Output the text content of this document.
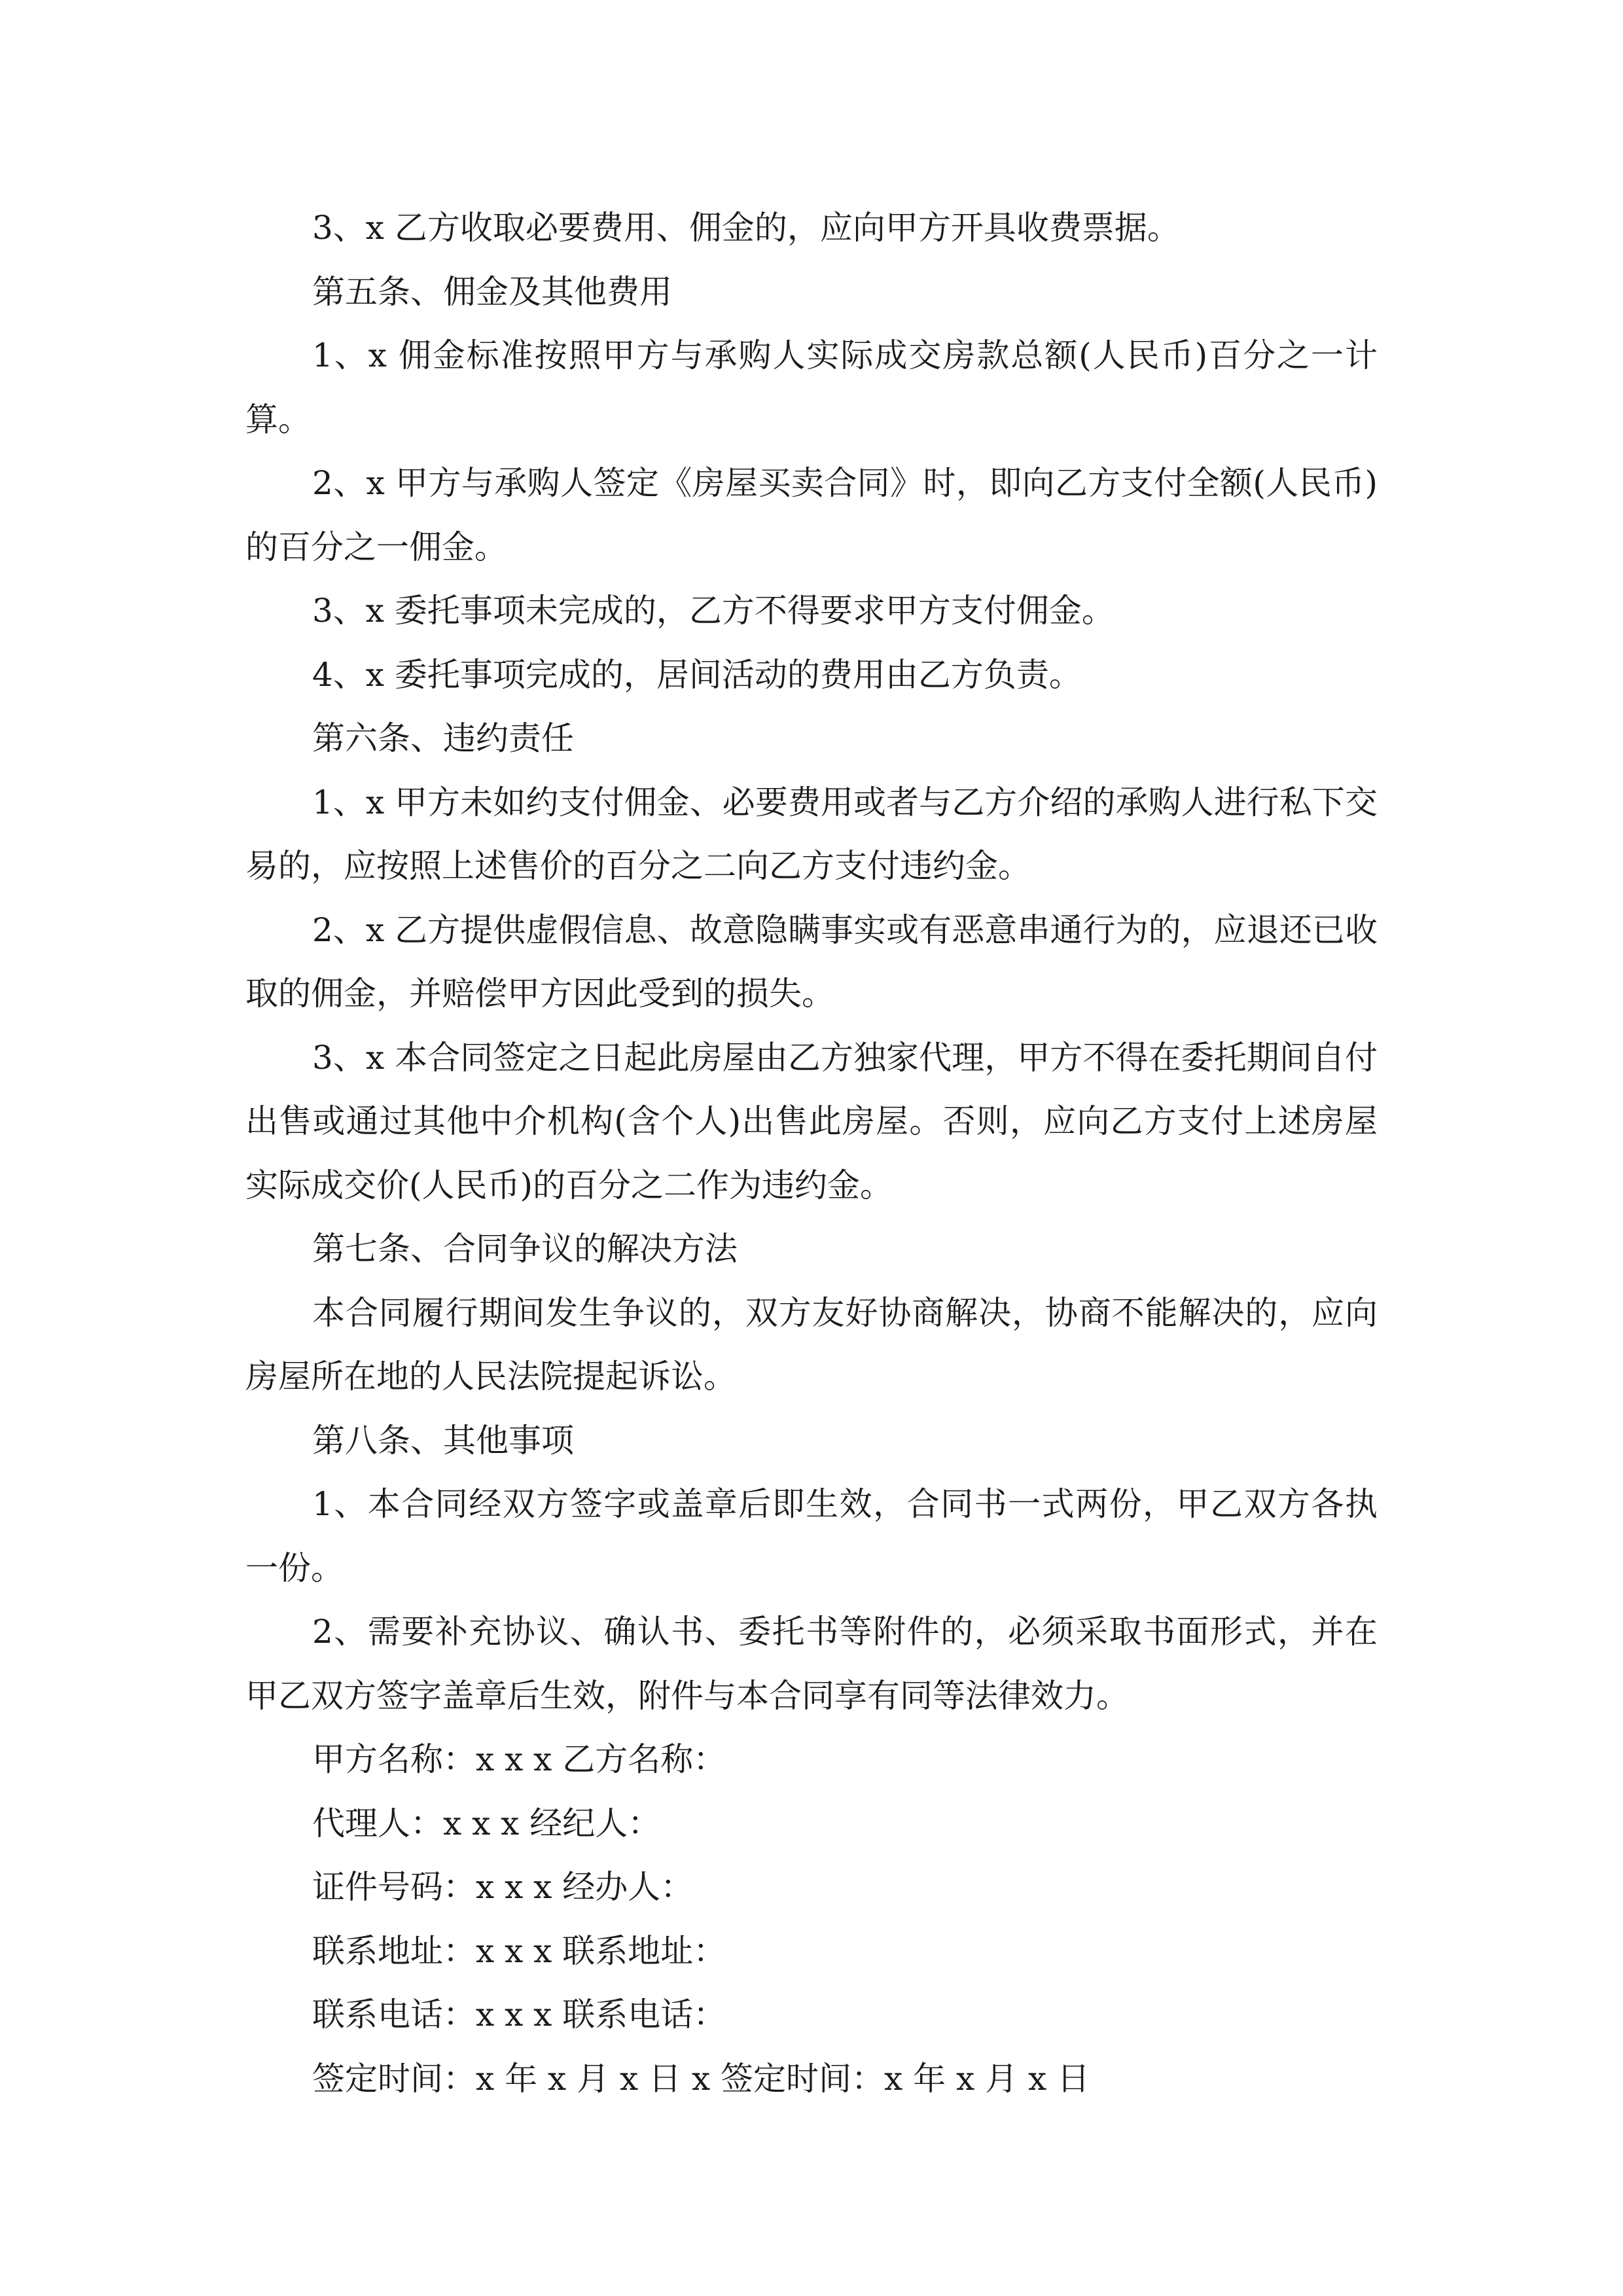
3、x 乙方收取必要费用、佣金的，应向甲方开具收费票据。

第五条、佣金及其他费用

1、x 佣金标准按照甲方与承购人实际成交房款总额(人民币)百分之一计算。

2、x 甲方与承购人签定《房屋买卖合同》时，即向乙方支付全额(人民币)的百分之一佣金。

3、x 委托事项未完成的，乙方不得要求甲方支付佣金。

4、x 委托事项完成的，居间活动的费用由乙方负责。

第六条、违约责任

1、x 甲方未如约支付佣金、必要费用或者与乙方介绍的承购人进行私下交易的，应按照上述售价的百分之二向乙方支付违约金。

2、x 乙方提供虚假信息、故意隐瞒事实或有恶意串通行为的，应退还已收取的佣金，并赔偿甲方因此受到的损失。

3、x 本合同签定之日起此房屋由乙方独家代理，甲方不得在委托期间自付出售或通过其他中介机构(含个人)出售此房屋。否则，应向乙方支付上述房屋实际成交价(人民币)的百分之二作为违约金。

第七条、合同争议的解决方法

本合同履行期间发生争议的，双方友好协商解决，协商不能解决的，应向房屋所在地的人民法院提起诉讼。

第八条、其他事项

1、本合同经双方签字或盖章后即生效，合同书一式两份，甲乙双方各执一份。

2、需要补充协议、确认书、委托书等附件的，必须采取书面形式，并在甲乙双方签字盖章后生效，附件与本合同享有同等法律效力。

甲方名称：x x x 乙方名称：

代理人：x x x 经纪人：

证件号码：x x x 经办人：

联系地址：x x x 联系地址：

联系电话：x x x 联系电话：

签定时间：x 年 x 月 x 日 x 签定时间：x 年 x 月 x 日
